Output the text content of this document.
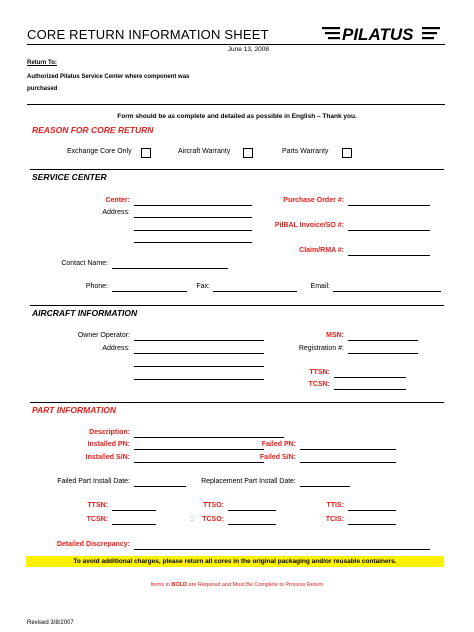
CORE RETURN INFORMATION SHEET	PILATUS
June 13, 2008
Return To:
Authorized Pilatus Service Center where component was purchased
Form should be as complete and detailed as possible in English – Thank you.
REASON FOR CORE RETURN
Exchange Core Only	Aircraft Warranty	Parts Warranty
SERVICE CENTER
Center:
Address:
Purchase Order #:
PilBAL Invoice/SO #:
Claim/RMA #:
Contact Name:
Phone:	Fax:	Email:
AIRCRAFT INFORMATION
Owner Operator:
Address:
MSN:
Registration #:
TTSN:
TCSN:
PART INFORMATION
Description:
Installed PN:
Installed S/N:
Failed PN:
Failed S/N:
Failed Part Install Date:	Replacement Part Install Date:
TTSN:
TCSN:
TTSO:
: TCSO:
TTIS:
TCIS:
Detailed Discrepancy:
To avoid additional charges, please return all cores in the original packaging and/or reusable containers.
Items in BOLD are Required and Must Be Complete to Process Return
Revised 3/8/2007
